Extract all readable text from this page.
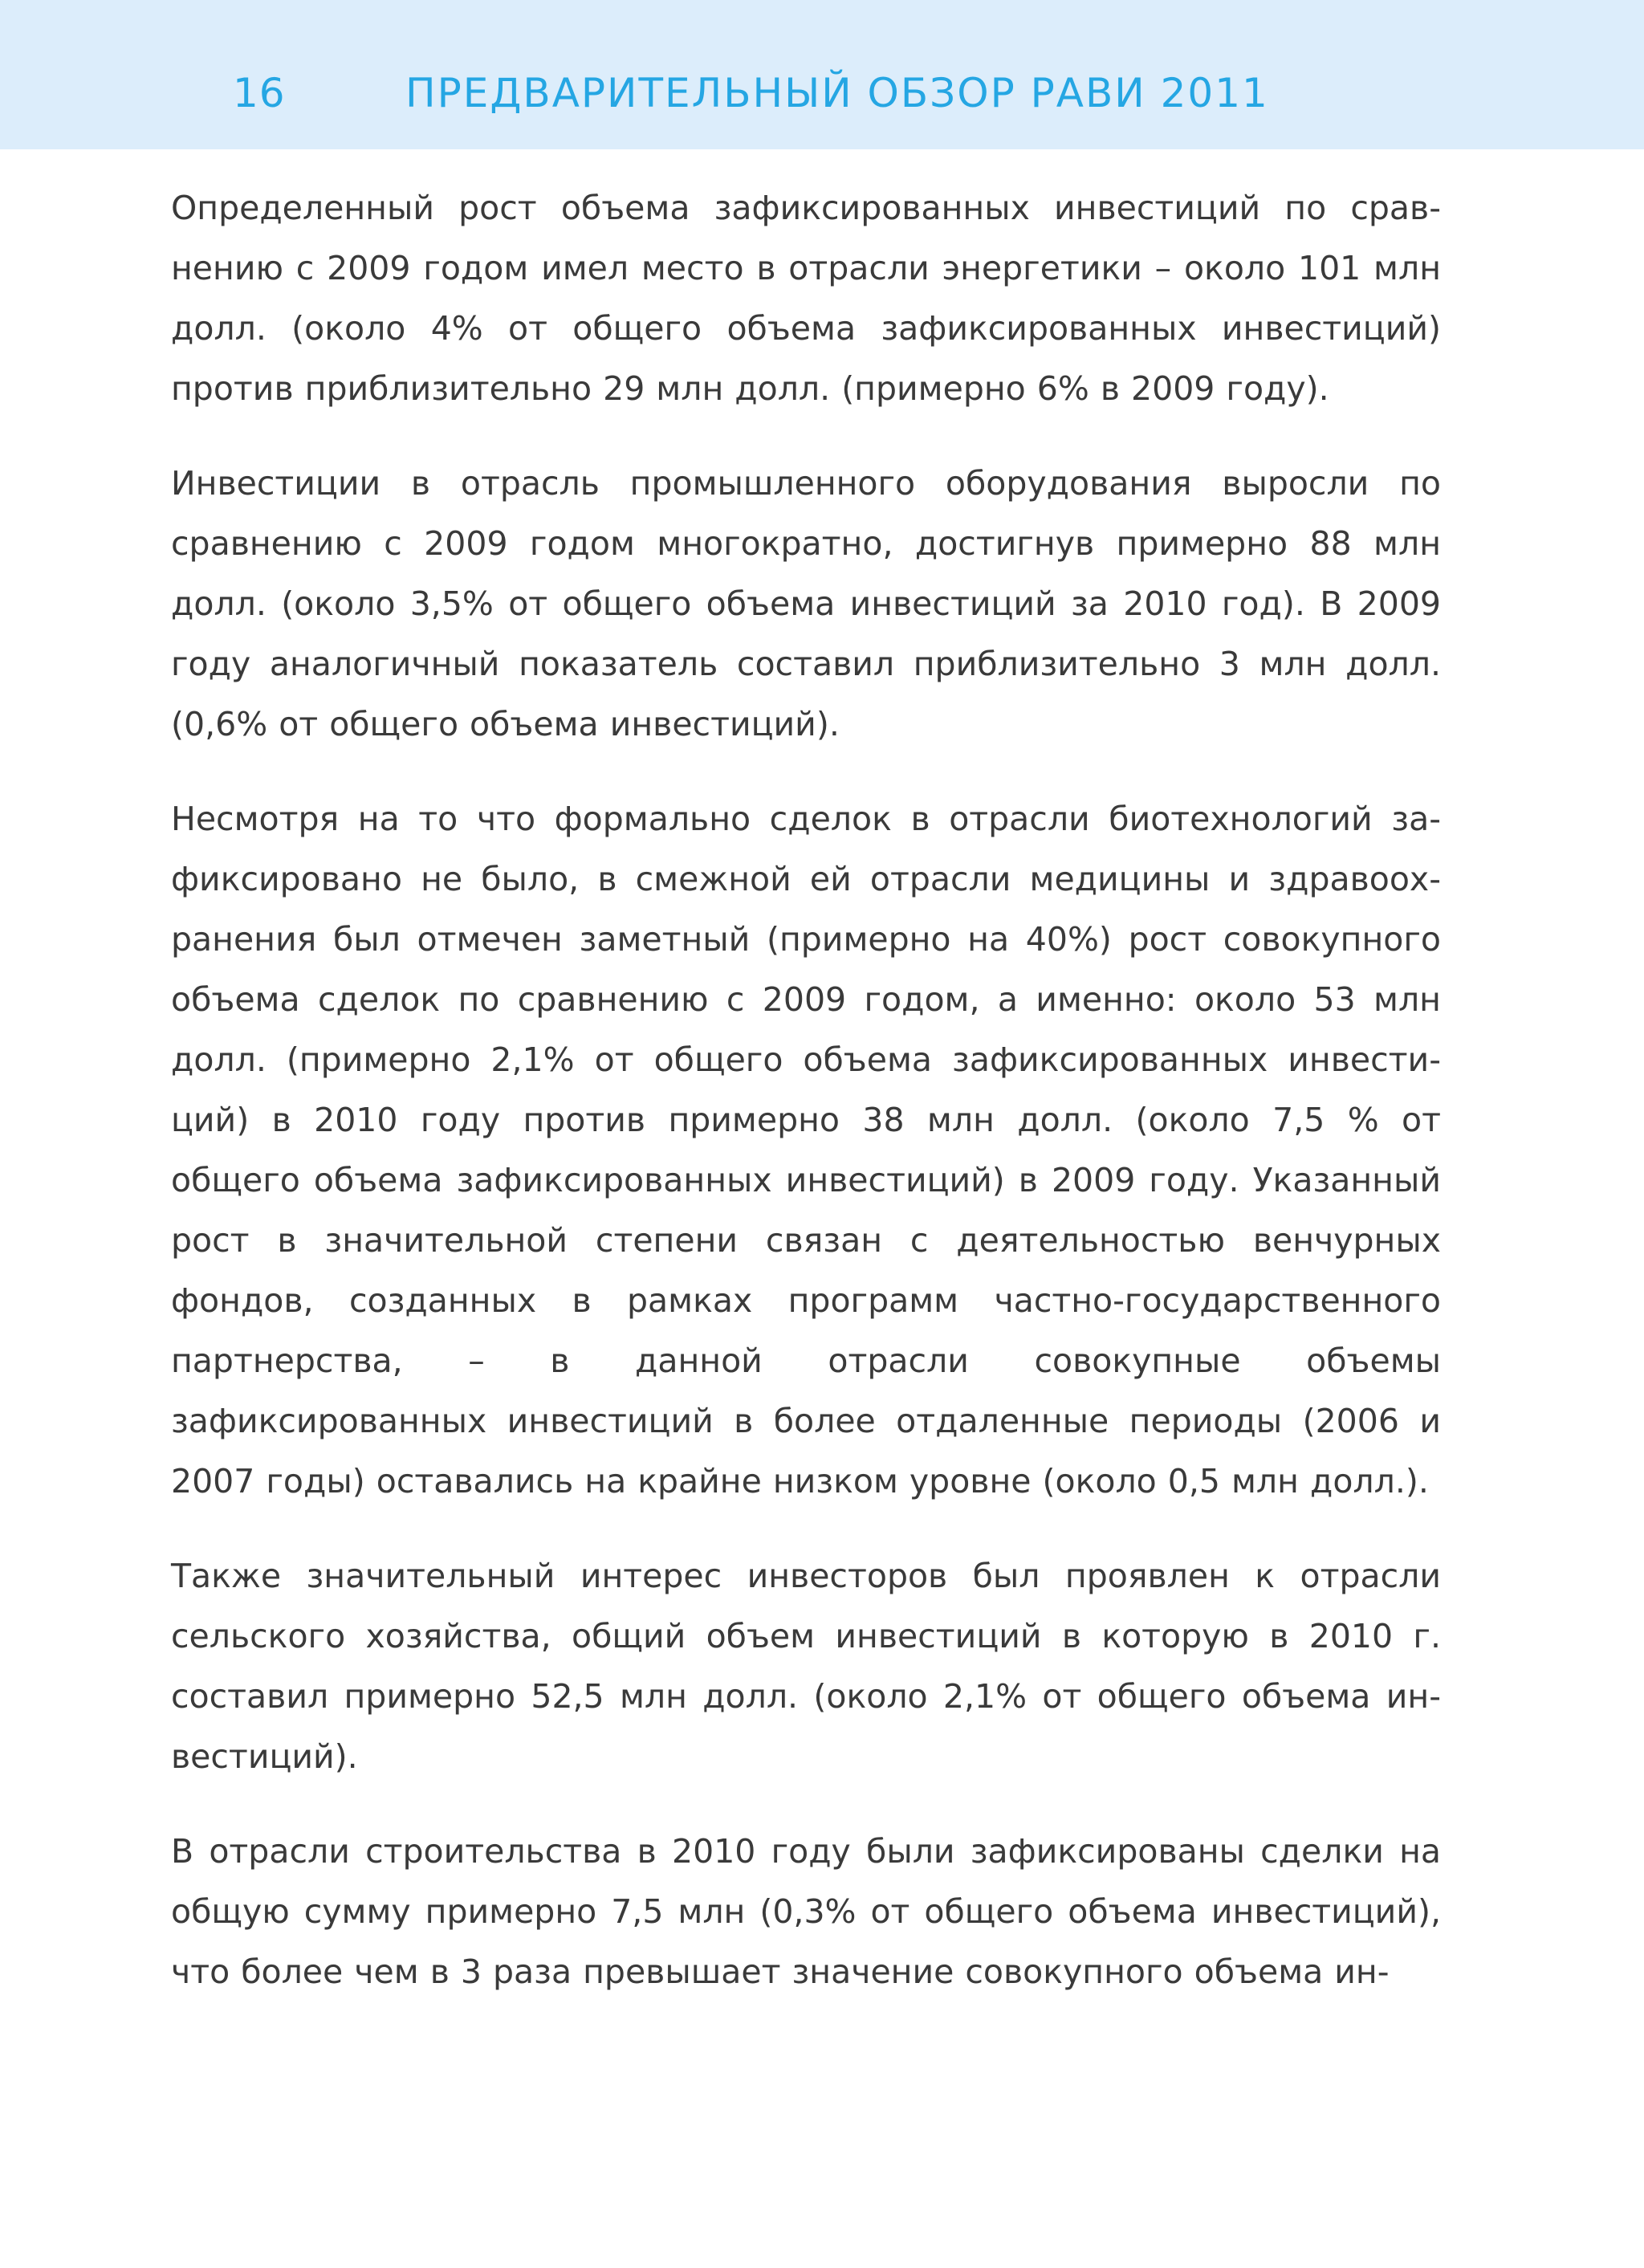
16	ПРЕДВАРИТЕЛЬНЫЙ ОБЗОР РАВИ 2011

Определенный рост объема зафиксированных инвестиций по сравнению с 2009 годом имел место в отрасли энергетики – около 101 млн долл. (около 4% от общего объема зафиксированных инвестиций) против приблизительно 29 млн долл. (примерно 6% в 2009 году).

Инвестиции в отрасль промышленного оборудования выросли по сравнению с 2009 годом многократно, достигнув примерно 88 млн долл. (около 3,5% от общего объема инвестиций за 2010 год). В 2009 году аналогичный показатель составил приблизительно 3 млн долл. (0,6% от общего объема инвестиций).

Несмотря на то что формально сделок в отрасли биотехнологий зафиксировано не было, в смежной ей отрасли медицины и здравоохранения был отмечен заметный (примерно на 40%) рост совокупного объема сделок по сравнению с 2009 годом, а именно: около 53 млн долл. (примерно 2,1% от общего объема зафиксированных инвестиций) в 2010 году против примерно 38 млн долл. (около 7,5 % от общего объема зафиксированных инвестиций) в 2009 году. Указанный рост в значительной степени связан с деятельностью венчурных фондов, созданных в рамках программ частно-государственного партнерства, – в данной отрасли совокупные объемы зафиксированных инвестиций в более отдаленные периоды (2006 и 2007 годы) оставались на крайне низком уровне (около 0,5 млн долл.).

Также значительный интерес инвесторов был проявлен к отрасли сельского хозяйства, общий объем инвестиций в которую в 2010 г. составил примерно 52,5 млн долл. (около 2,1% от общего объема инвестиций).

В отрасли строительства в 2010 году были зафиксированы сделки на общую сумму примерно 7,5 млн (0,3% от общего объема инвестиций), что более чем в 3 раза превышает значение совокупного объема ин-
